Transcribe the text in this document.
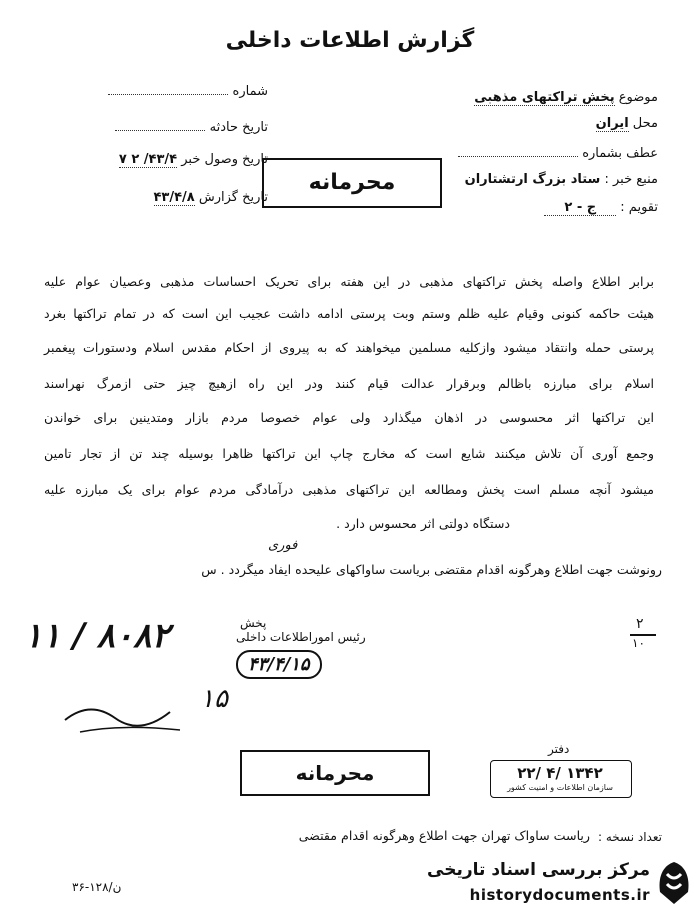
گزارش اطلاعات داخلی
شماره
تاریخ حادثه
تاریخ وصول خبر ۴۳/۴/ ۲ ۷
تاریخ گزارش ۴۳/۴/۸
موضوع پخش تراکتهای مذهبی
محل ایران
عطف بشماره
منبع خبر : ستاد بزرگ ارتشتاران
تقویم : ج - ۲
محرمانه
برابر اطلاع واصله پخش تراکتهای مذهبی در این هفته برای تحریک احساسات مذهبی وعصیان عوام علیه
هیئت حاکمه کنونی وقیام علیه ظلم وستم وبت پرستی ادامه داشت عجیب این است که در تمام تراکتها بغرد
پرستی حمله وانتقاد میشود وازکلیه مسلمین میخواهند که به پیروی از احکام مقدس اسلام ودستورات پیغمبر
اسلام برای مبارزه باظالم وبرقرار عدالت قیام کنند ودر این راه ازهیچ چیز حتی ازمرگ نهراسند
این تراکتها اثر محسوسی در اذهان میگذارد ولی عوام خصوصا مردم بازار ومتدینین برای خواندن
وجمع آوری آن تلاش میکنند شایع است که مخارج چاپ این تراکتها ظاهرا بوسیله چند تن از تجار تامین
میشود آنچه مسلم است پخش ومطالعه این تراکتهای مذهبی درآمادگی مردم عوام برای یک مبارزه علیه
دستگاه دولتی اثر محسوس دارد .
فوری
رونوشت جهت اطلاع وهرگونه اقدام مقتضی بریاست ساواکهای علیحده ایفاد میگردد . س
پخش
رئیس اموراطلاعات داخلی
۴۳/۴/۱۵
۲
۱۰
۱۱ / ۸۰۸۲
۱۵
دفتر
۲۲/ ۴/ ۱۳۴۲
سازمان اطلاعات و امنیت کشور
محرمانه
تعداد نسخه :
ریاست ساواک تهران جهت اطلاع وهرگونه اقدام مقتضی
۳۶-۱۲۸/ن
مرکز بررسی اسناد تاریخی
historydocuments.ir
